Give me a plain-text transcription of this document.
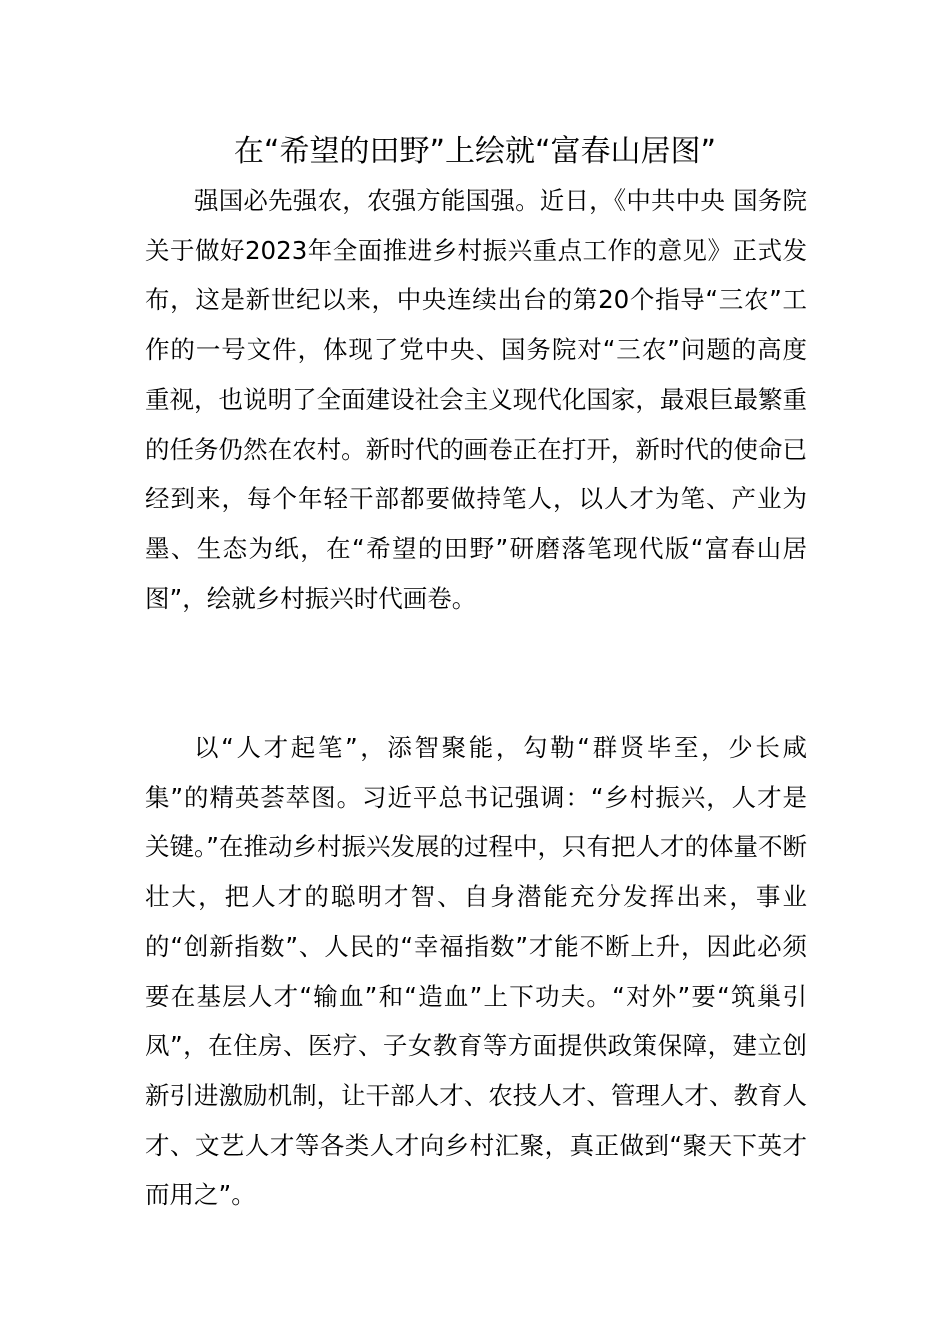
在“希望的田野”上绘就“富春山居图”

强国必先强农，农强方能国强。近日，《中共中央 国务院关于做好2023年全面推进乡村振兴重点工作的意见》正式发布，这是新世纪以来，中央连续出台的第20个指导“三农”工作的一号文件，体现了党中央、国务院对“三农”问题的高度重视，也说明了全面建设社会主义现代化国家，最艰巨最繁重的任务仍然在农村。新时代的画卷正在打开，新时代的使命已经到来，每个年轻干部都要做持笔人，以人才为笔、产业为墨、生态为纸，在“希望的田野”研磨落笔现代版“富春山居图”，绘就乡村振兴时代画卷。

以“人才起笔”，添智聚能，勾勒“群贤毕至，少长咸集”的精英荟萃图。习近平总书记强调：“乡村振兴，人才是关键。”在推动乡村振兴发展的过程中，只有把人才的体量不断壮大，把人才的聪明才智、自身潜能充分发挥出来，事业的“创新指数”、人民的“幸福指数”才能不断上升，因此必须要在基层人才“输血”和“造血”上下功夫。“对外”要“筑巢引凤”，在住房、医疗、子女教育等方面提供政策保障，建立创新引进激励机制，让干部人才、农技人才、管理人才、教育人才、文艺人才等各类人才向乡村汇聚，真正做到“聚天下英才而用之”。
